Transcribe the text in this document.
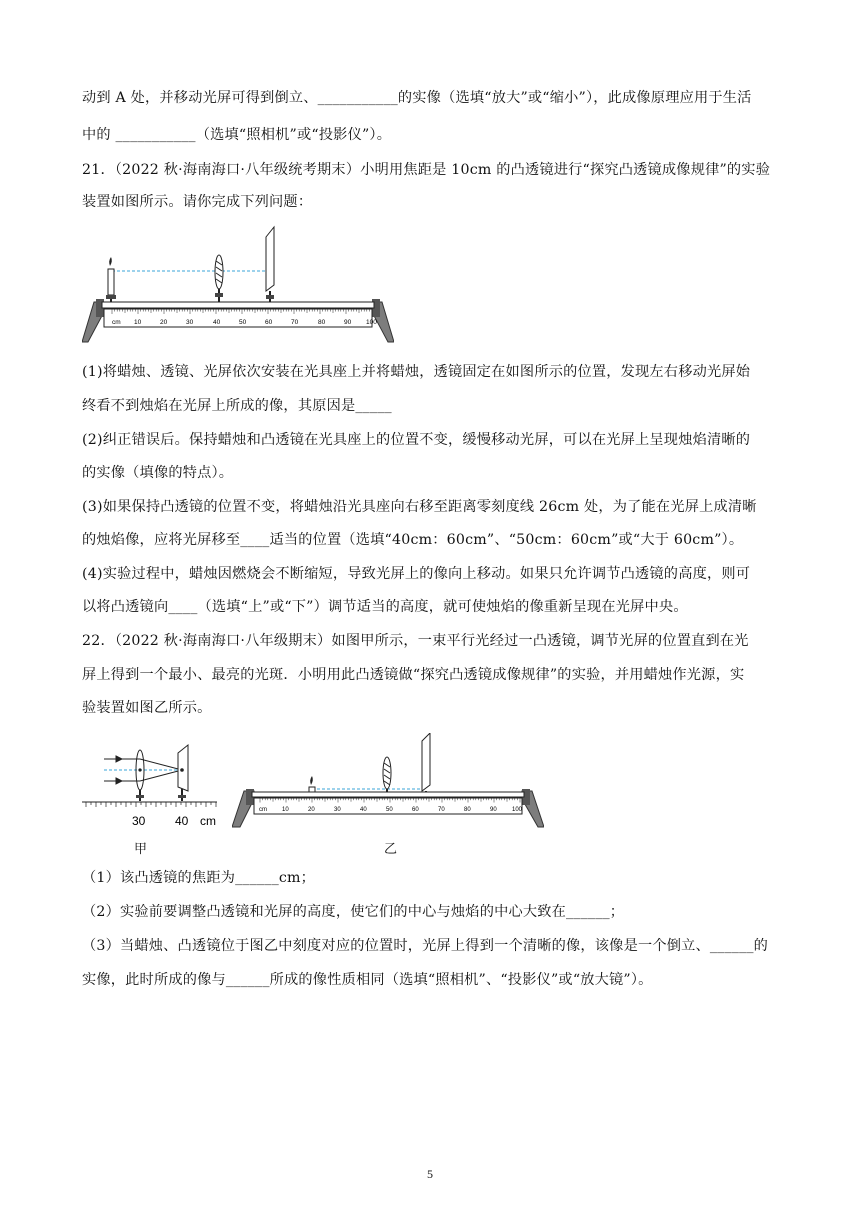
动到 A 处，并移动光屏可得到倒立、___________的实像（选填“放大”或“缩小”），此成像原理应用于生活
中的 ___________（选填“照相机”或“投影仪”）。
21．（2022 秋·海南海口·八年级统考期末）小明用焦距是 10cm 的凸透镜进行“探究凸透镜成像规律”的实验
装置如图所示。请你完成下列问题：
cm 10	20	30	40	50	60	70	80	90 100
(1)将蜡烛、透镜、光屏依次安装在光具座上并将蜡烛，透镜固定在如图所示的位置，发现左右移动光屏始
终看不到烛焰在光屏上所成的像，其原因是_____
(2)纠正错误后。保持蜡烛和凸透镜在光具座上的位置不变，缓慢移动光屏，可以在光屏上呈现烛焰清晰的
的实像（填像的特点）。
(3)如果保持凸透镜的位置不变，将蜡烛沿光具座向右移至距离零刻度线 26cm 处，为了能在光屏上成清晰
的烛焰像，应将光屏移至____适当的位置（选填“40cm：60cm”、“50cm：60cm”或“大于 60cm”）。
(4)实验过程中，蜡烛因燃烧会不断缩短，导致光屏上的像向上移动。如果只允许调节凸透镜的高度，则可
以将凸透镜向____（选填“上”或“下”）调节适当的高度，就可使烛焰的像重新呈现在光屏中央。
22．（2022 秋·海南海口·八年级期末）如图甲所示，一束平行光经过一凸透镜，调节光屏的位置直到在光
屏上得到一个最小、最亮的光斑．小明用此凸透镜做“探究凸透镜成像规律”的实验，并用蜡烛作光源，实
验装置如图乙所示。
30 40 cm
甲
cm	10	20	30	40	50	60	70	80	90	100
乙
（1）该凸透镜的焦距为______cm；
（2）实验前要调整凸透镜和光屏的高度，使它们的中心与烛焰的中心大致在______；
（3）当蜡烛、凸透镜位于图乙中刻度对应的位置时，光屏上得到一个清晰的像，该像是一个倒立、______的
实像，此时所成的像与______所成的像性质相同（选填“照相机”、“投影仪”或“放大镜”）。
5
